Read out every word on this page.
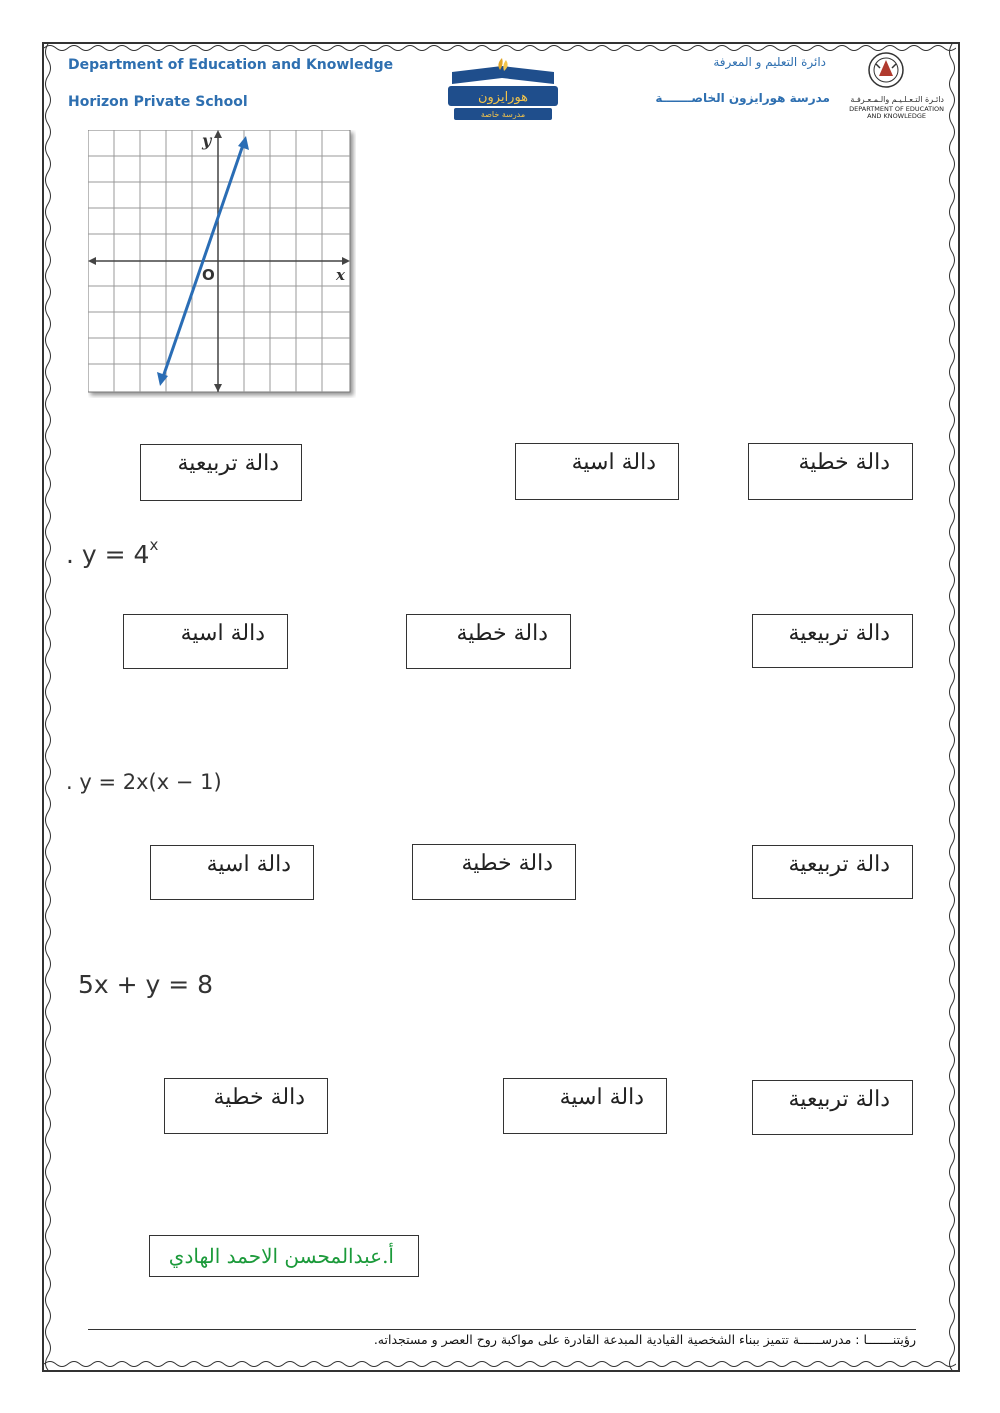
Department of Education and Knowledge
Horizon Private School	هورايزون
مدرسة خاصة
دائرة التعليم و المعرفة
مدرسة هورايزون الخاصـــــــة	دائـرة التـعـلـيـم والـمـعـرفـة
DEPARTMENT OF EDUCATION
AND KNOWLEDGE
y
x
O
دالة تربيعية	دالة اسية	دالة خطية
. $y = 4^x$
دالة اسية	دالة خطية	دالة تربيعية
. y = 2x(x − 1)
دالة اسية	دالة خطية	دالة تربيعية
5x + y = 8
دالة خطية	دالة اسية	دالة تربيعية
أ.عبدالمحسن الاحمد الهادي
رؤيتنـــــــا : مدرســــــة تتميز ببناء الشخصية القيادية المبدعة القادرة على مواكبة روح العصر و مستجداته.
